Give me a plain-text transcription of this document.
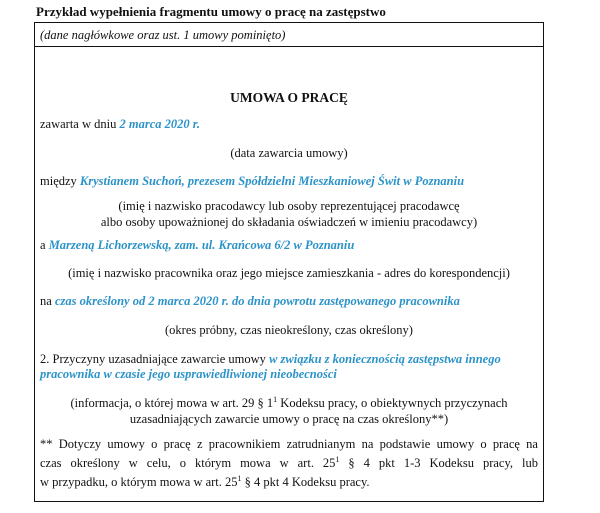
Przykład wypełnienia fragmentu umowy o pracę na zastępstwo
(dane nagłówkowe oraz ust. 1 umowy pominięto)
UMOWA O PRACĘ
zawarta w dniu 2 marca 2020 r.
(data zawarcia umowy)
między Krystianem Suchoń, prezesem Spółdzielni Mieszkaniowej Świt w Poznaniu
(imię i nazwisko pracodawcy lub osoby reprezentującej pracodawcę
albo osoby upoważnionej do składania oświadczeń w imieniu pracodawcy)
a Marzeną Lichorzewską, zam. ul. Krańcowa 6/2 w Poznaniu
(imię i nazwisko pracownika oraz jego miejsce zamieszkania - adres do korespondencji)
na czas określony od 2 marca 2020 r. do dnia powrotu zastępowanego pracownika
(okres próbny, czas nieokreślony, czas określony)
2. Przyczyny uzasadniające zawarcie umowy w związku z koniecznością zastępstwa innego
pracownika w czasie jego usprawiedliwionej nieobecności
(informacja, o której mowa w art. 29 § $1^1$ Kodeksu pracy, o obiektywnych przyczynach
uzasadniających zawarcie umowy o pracę na czas określony**)
** Dotyczy umowy o pracę z pracownikiem zatrudnianym na podstawie umowy o pracę na
czas określony w celu, o którym mowa w art. $25^1$ § 4 pkt 1-3 Kodeksu pracy, lub
w przypadku, o którym mowa w art. $25^1$ § 4 pkt 4 Kodeksu pracy.
